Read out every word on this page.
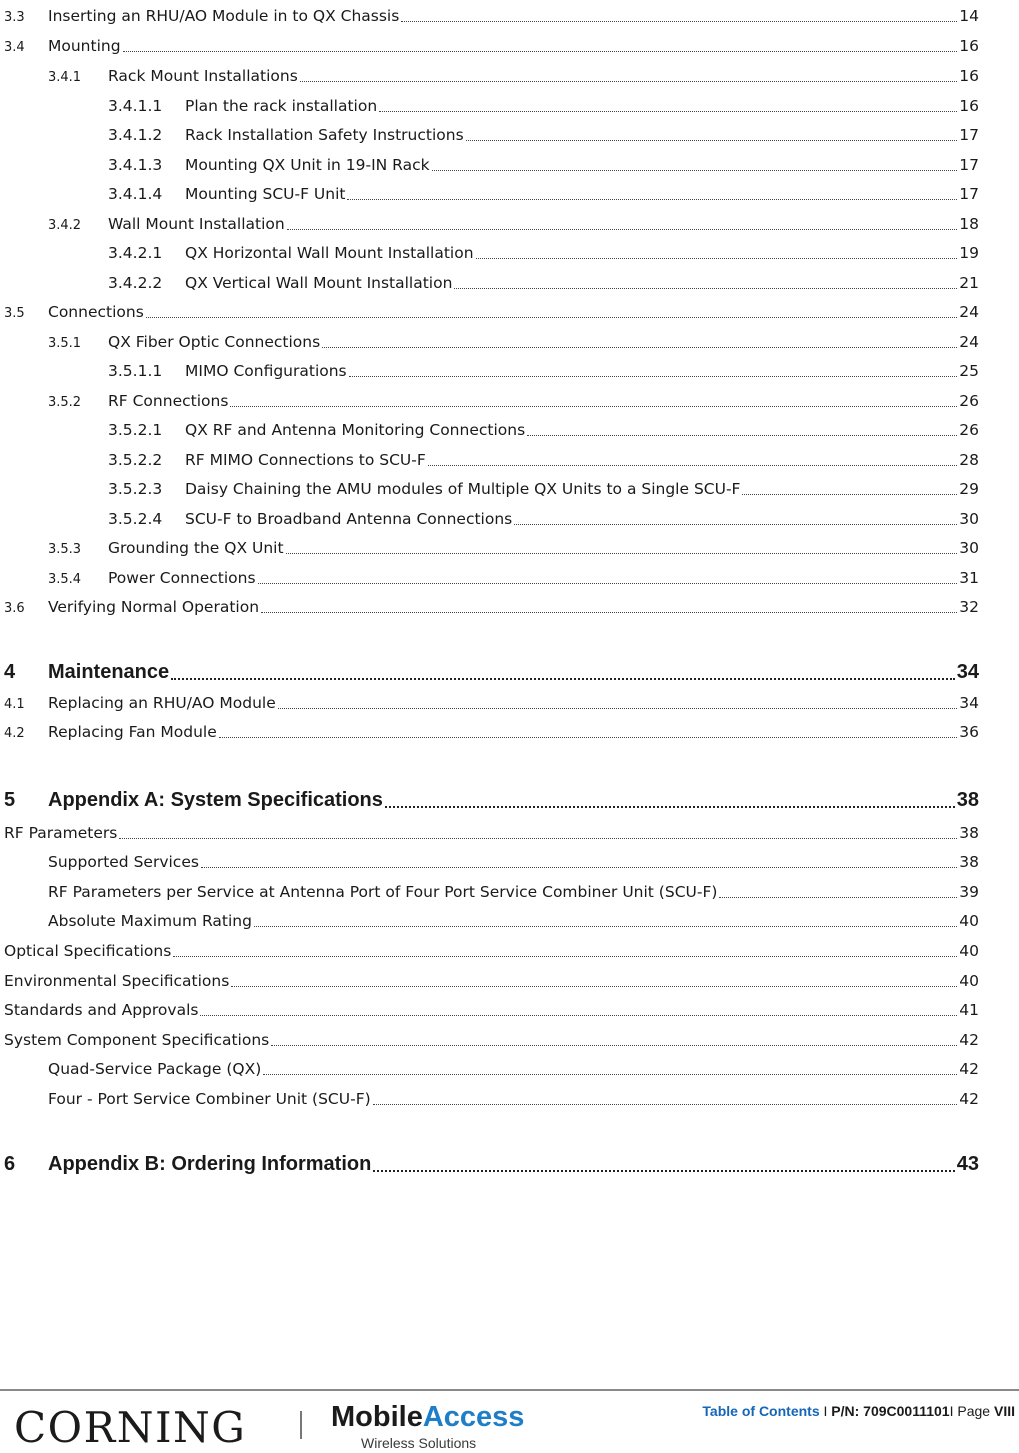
3.3	Inserting an RHU/AO Module in to QX Chassis	14
3.4	Mounting	16
3.4.1	Rack Mount Installations	16
3.4.1.1	Plan the rack installation	16
3.4.1.2	Rack Installation Safety Instructions	17
3.4.1.3	Mounting QX Unit in 19-IN Rack	17
3.4.1.4	Mounting SCU-F Unit	17
3.4.2	Wall Mount Installation	18
3.4.2.1	QX Horizontal Wall Mount Installation	19
3.4.2.2	QX Vertical Wall Mount Installation	21
3.5	Connections	24
3.5.1	QX Fiber Optic Connections	24
3.5.1.1	MIMO Configurations	25
3.5.2	RF Connections	26
3.5.2.1	QX RF and Antenna Monitoring Connections	26
3.5.2.2	RF MIMO Connections to SCU-F	28
3.5.2.3	Daisy Chaining the AMU modules of Multiple QX Units to a Single SCU-F	29
3.5.2.4	SCU-F to Broadband Antenna Connections	30
3.5.3	Grounding the QX Unit	30
3.5.4	Power Connections	31
3.6	Verifying Normal Operation	32
4	Maintenance	34
4.1	Replacing an RHU/AO Module	34
4.2	Replacing Fan Module	36
5	Appendix A: System Specifications	38
RF Parameters	38
Supported Services	38
RF Parameters per Service at Antenna Port of Four Port Service Combiner Unit (SCU-F)	39
Absolute Maximum Rating	40
Optical Specifications	40
Environmental Specifications	40
Standards and Approvals	41
System Component Specifications	42
Quad-Service Package (QX)	42
Four - Port Service Combiner Unit (SCU-F)	42
6	Appendix B: Ordering Information	43
CORNING	MobileAccess
Wireless Solutions
Table of Contents I P/N: 709C0011101I Page VIII
